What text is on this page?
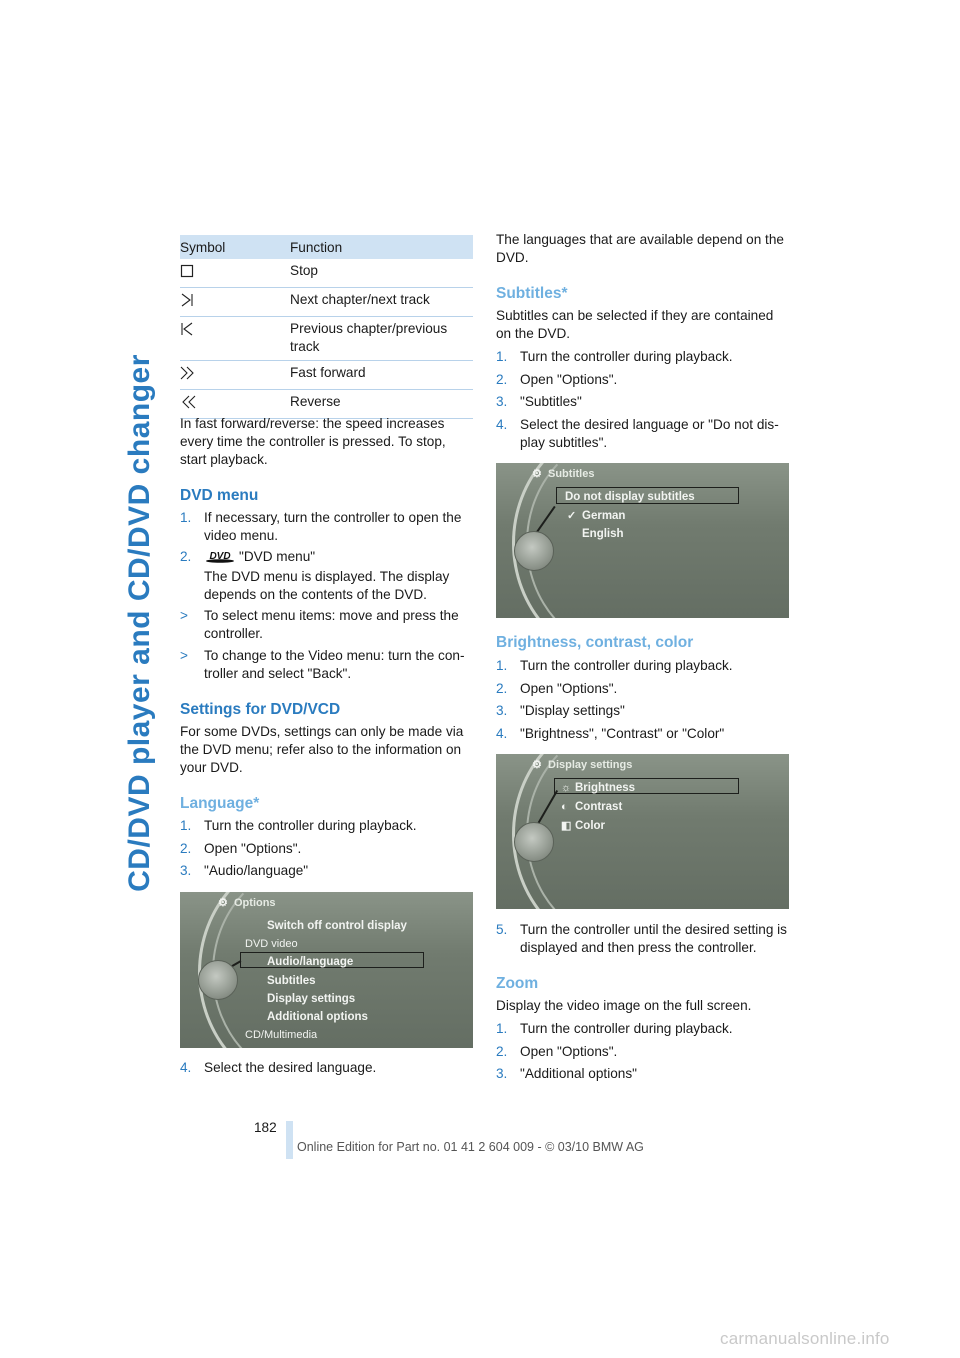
CD/DVD player and CD/DVD changer
Symbol	Function
	Stop
	Next chapter/next track
	Previous chapter/previous track
	Fast forward
	Reverse
In fast forward/reverse: the speed increases every time the controller is pressed. To stop, start playback.
DVD menu
1. If necessary, turn the controller to open the video menu.
2.	DVD "DVD menu"
The DVD menu is displayed. The display depends on the contents of the DVD.
>	To select menu items: move and press the controller.
>	To change to the Video menu: turn the con-troller and select "Back".
Settings for DVD/VCD
For some DVDs, settings can only be made via the DVD menu; refer also to the information on your DVD.
Language*
1. Turn the controller during playback.
2. Open "Options".
3. "Audio/language"
⚙ Options
Switch off control display
DVD video
Audio/language
Subtitles
Display settings
Additional options
CD/Multimedia
4. Select the desired language.
The languages that are available depend on the DVD.
Subtitles*
Subtitles can be selected if they are contained on the DVD.
1. Turn the controller during playback.
2. Open "Options".
3. "Subtitles"
4. Select the desired language or "Do not dis-play subtitles".
⚙ Subtitles
Do not display subtitles
✓ German
English
Brightness, contrast, color
1. Turn the controller during playback.
2. Open "Options".
3. "Display settings"
4. "Brightness", "Contrast" or "Color"
⚙ Display settings
☼ Brightness
◐ Contrast
◧ Color
5. Turn the controller until the desired setting is displayed and then press the controller.
Zoom
Display the video image on the full screen.
1. Turn the controller during playback.
2. Open "Options".
3. "Additional options"
182
Online Edition for Part no. 01 41 2 604 009 - © 03/10 BMW AG
carmanualsonline.info
